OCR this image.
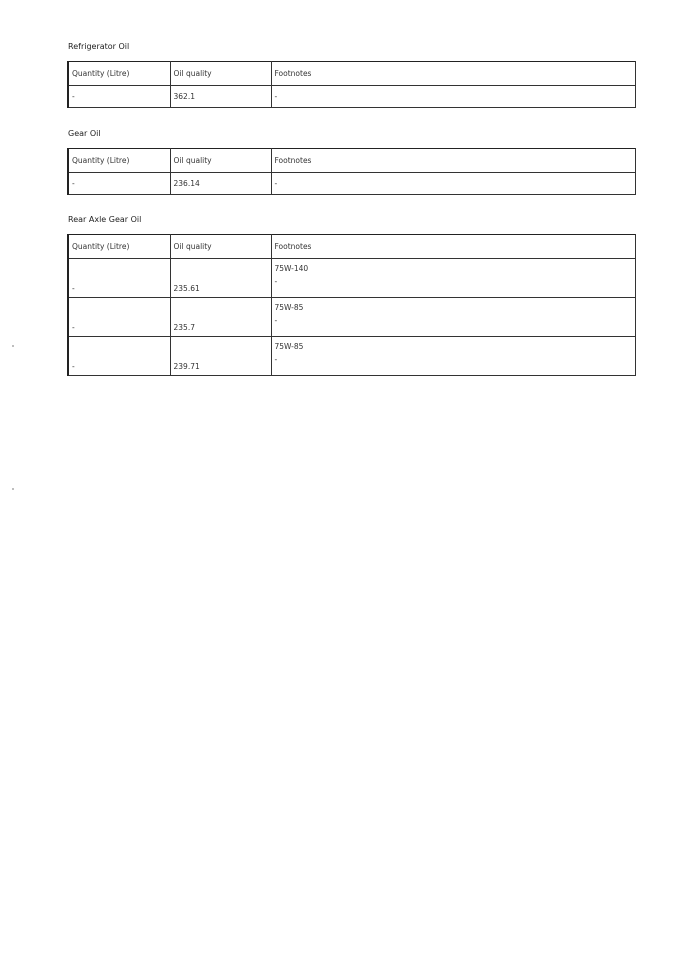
Refrigerator Oil
Quantity (Litre)	Oil quality	Footnotes
-	362.1	-
Gear Oil
Quantity (Litre)	Oil quality	Footnotes
-	236.14	-
Rear Axle Gear Oil
Quantity (Litre)	Oil quality	Footnotes
-	235.61	75W-140
-

-	235.7	75W-85
-

-	239.71	75W-85
-
